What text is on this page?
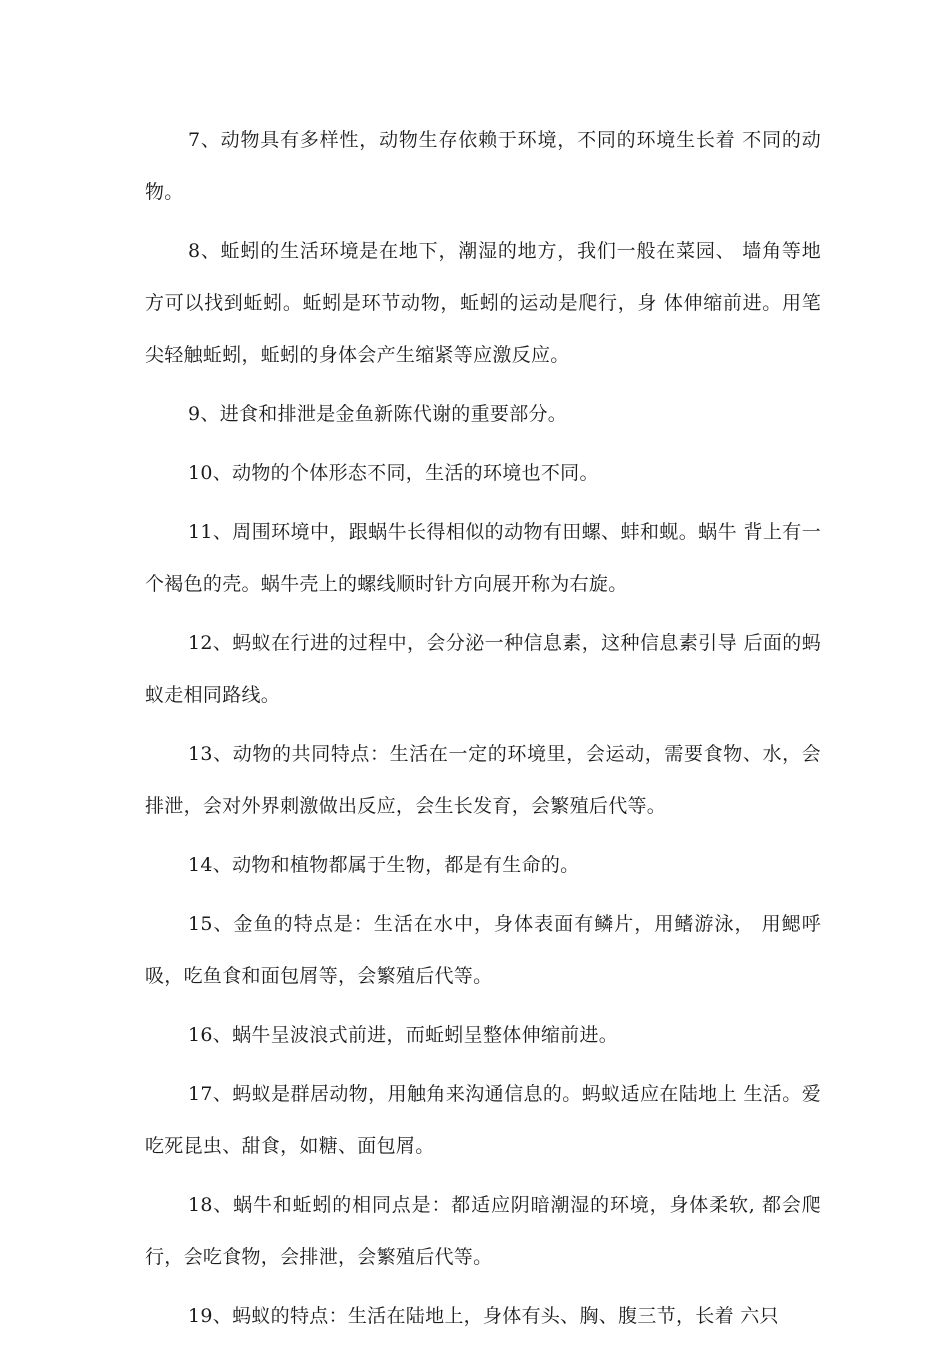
7、动物具有多样性，动物生存依赖于环境，不同的环境生长着 不同的动物。

8、蚯蚓的生活环境是在地下，潮湿的地方，我们一般在菜园、 墙角等地方可以找到蚯蚓。蚯蚓是环节动物，蚯蚓的运动是爬行，身 体伸缩前进。用笔尖轻触蚯蚓，蚯蚓的身体会产生缩紧等应激反应。

9、进食和排泄是金鱼新陈代谢的重要部分。

10、动物的个体形态不同，生活的环境也不同。

11、周围环境中，跟蜗牛长得相似的动物有田螺、蚌和蚬。蜗牛 背上有一个褐色的壳。蜗牛壳上的螺线顺时针方向展开称为右旋。

12、蚂蚁在行进的过程中，会分泌一种信息素，这种信息素引导 后面的蚂蚁走相同路线。

13、动物的共同特点：生活在一定的环境里，会运动，需要食物、水，会排泄，会对外界刺激做出反应，会生长发育，会繁殖后代等。

14、动物和植物都属于生物，都是有生命的。

15、金鱼的特点是：生活在水中，身体表面有鳞片，用鳍游泳， 用鳃呼吸，吃鱼食和面包屑等，会繁殖后代等。

16、蜗牛呈波浪式前进，而蚯蚓呈整体伸缩前进。

17、蚂蚁是群居动物，用触角来沟通信息的。蚂蚁适应在陆地上 生活。爱吃死昆虫、甜食，如糖、面包屑。

18、蜗牛和蚯蚓的相同点是：都适应阴暗潮湿的环境，身体柔软, 都会爬行，会吃食物，会排泄，会繁殖后代等。

19、蚂蚁的特点：生活在陆地上，身体有头、胸、腹三节，长着 六只
